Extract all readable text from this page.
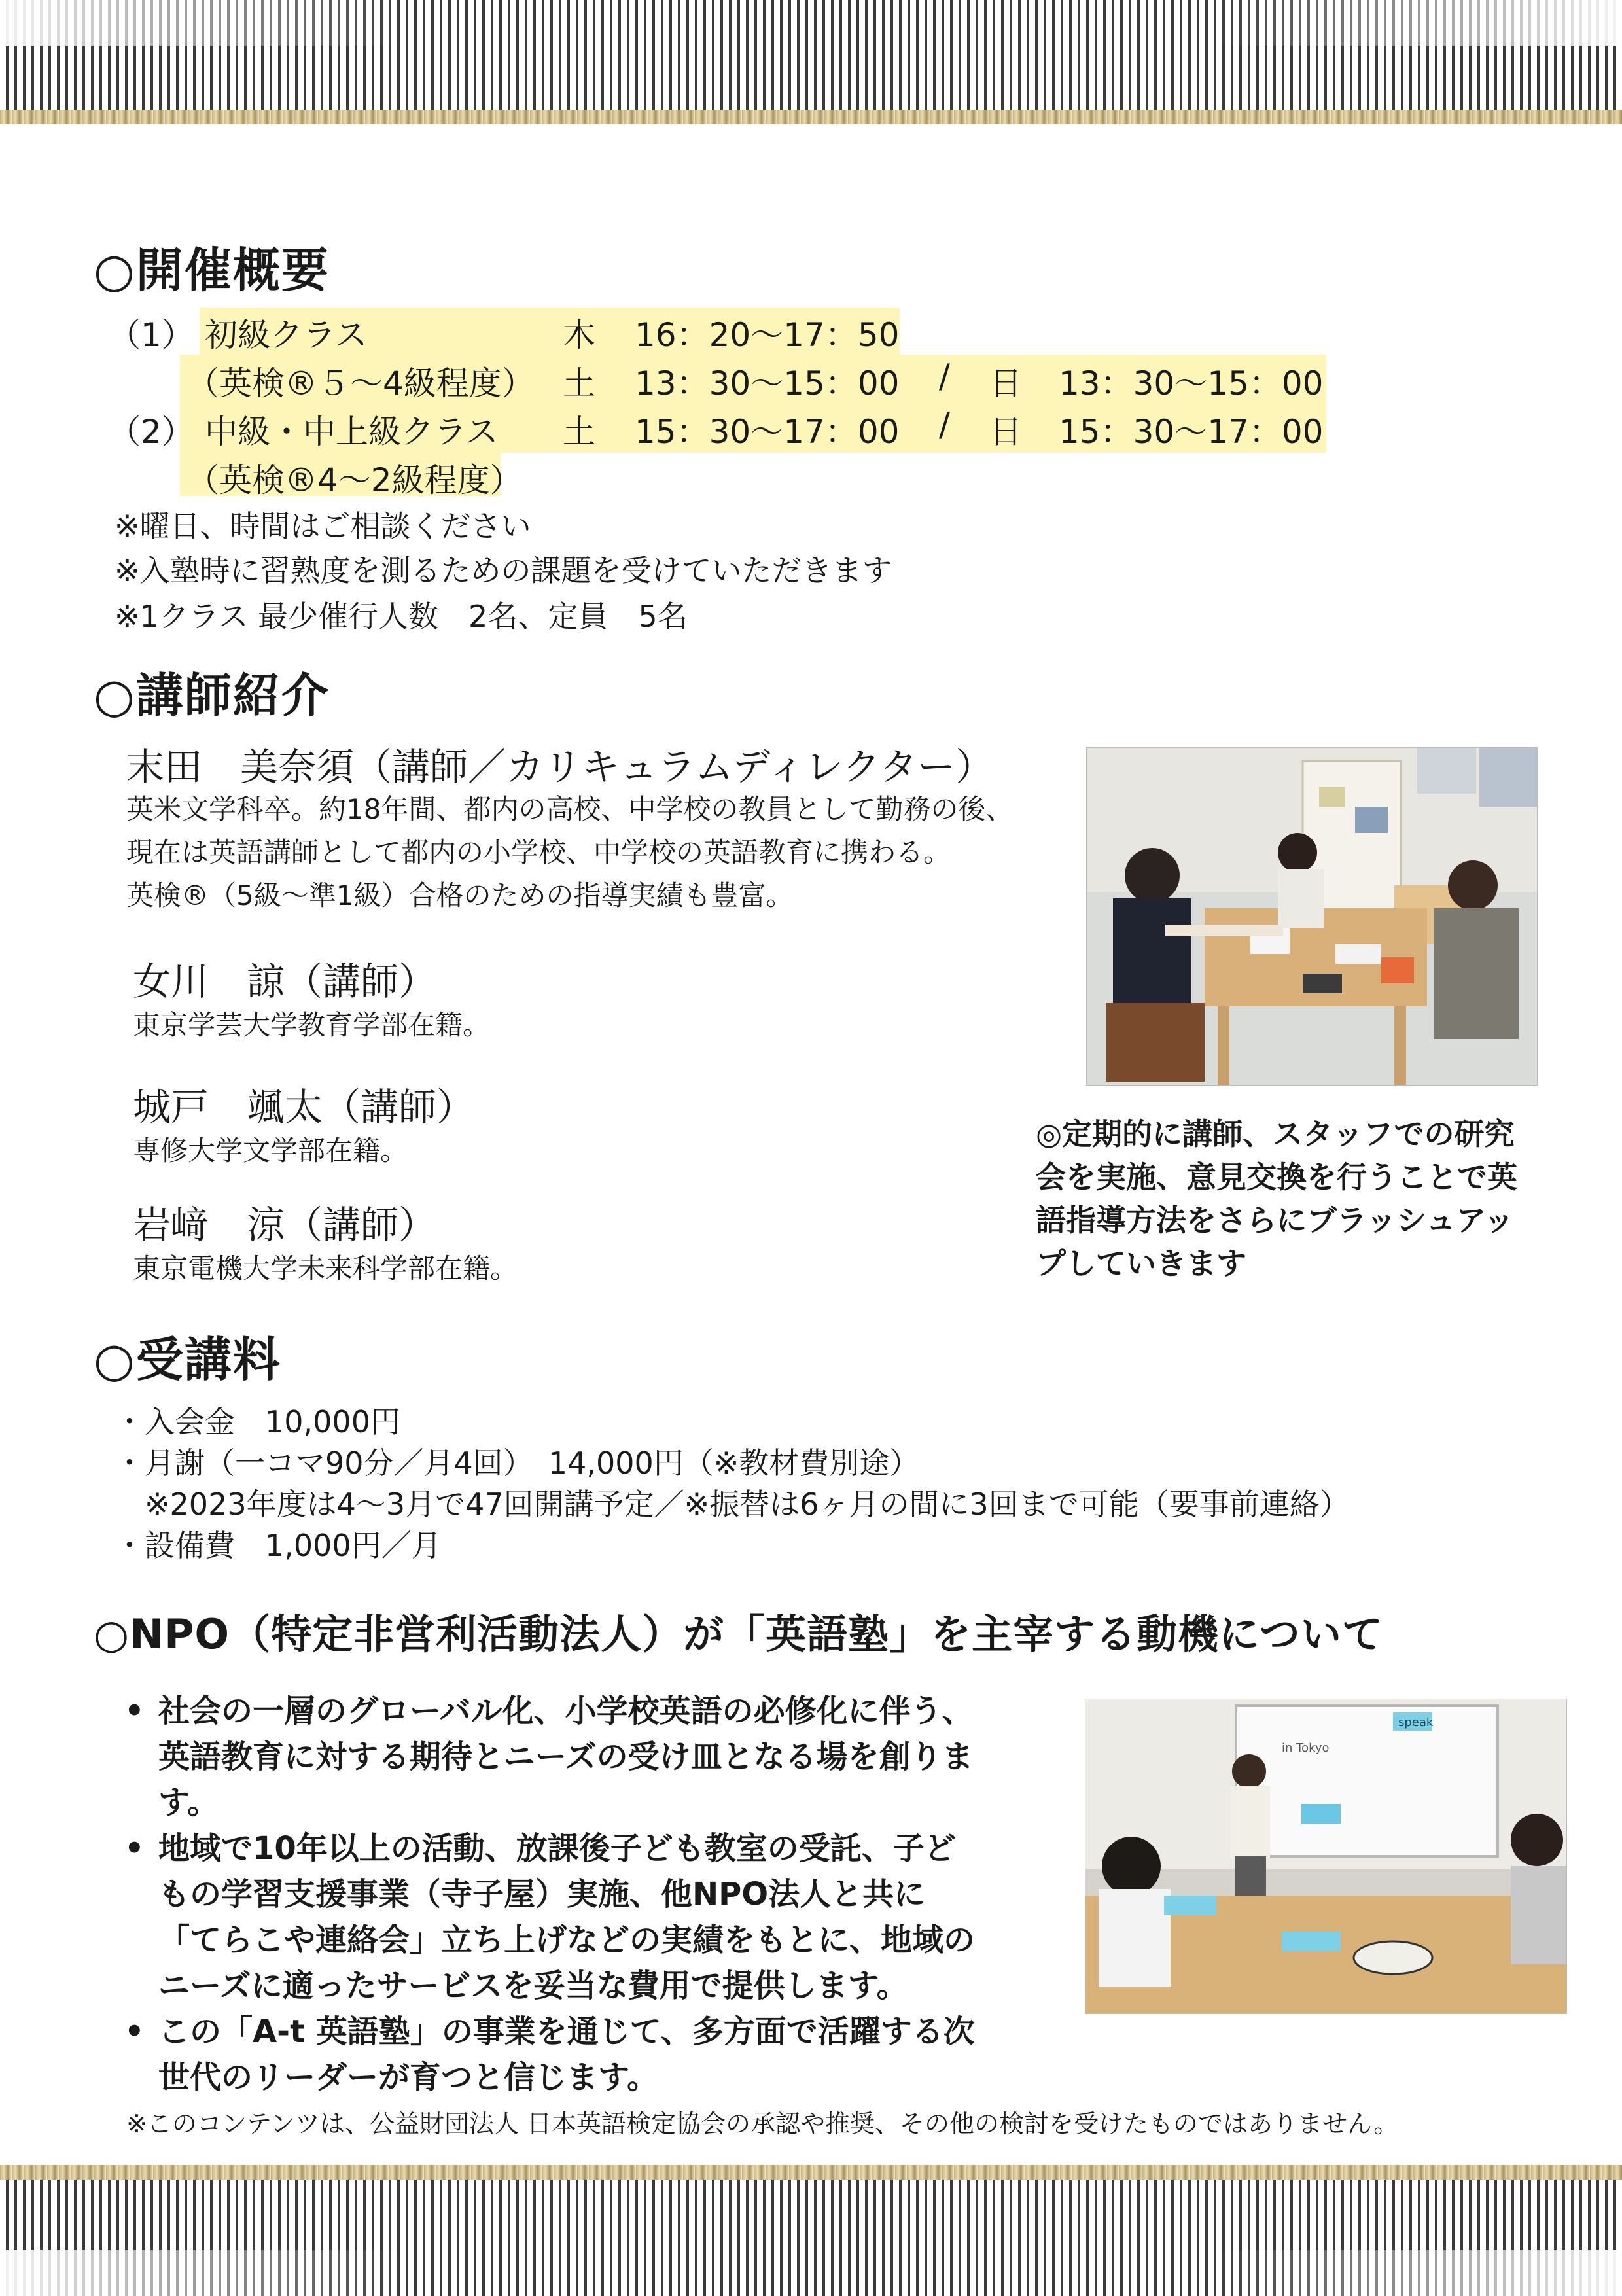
○開催概要
（1） 初級クラス	木 16：20～17：50
（英検®５～4級程度） 土 13：30～15：00 / 日 13：30～15：00
（2） 中級・中上級クラス 土 15：30～17：00 / 日 15：30～17：00
（英検®4～2級程度）
※曜日、時間はご相談ください
※入塾時に習熟度を測るための課題を受けていただきます
※1クラス 最少催行人数　2名、定員　5名
○講師紹介
末田　美奈須（講師／カリキュラムディレクター）
英米文学科卒。約18年間、都内の高校、中学校の教員として勤務の後、
現在は英語講師として都内の小学校、中学校の英語教育に携わる。
英検®（5級～準1級）合格のための指導実績も豊富。
女川　諒（講師）
東京学芸大学教育学部在籍。
城戸　颯太（講師）
専修大学文学部在籍。
岩﨑　涼（講師）
東京電機大学未来科学部在籍。
◎定期的に講師、スタッフでの研究
会を実施、意見交換を行うことで英
語指導方法をさらにブラッシュアッ
プしていきます
○受講料
・入会金　10,000円
・月謝（一コマ90分／月4回）　14,000円（※教材費別途）
　※2023年度は4～3月で47回開講予定／※振替は6ヶ月の間に3回まで可能（要事前連絡）
・設備費　1,000円／月
○NPO（特定非営利活動法人）が「英語塾」を主宰する動機について
• 社会の一層のグローバル化、小学校英語の必修化に伴う、
英語教育に対する期待とニーズの受け皿となる場を創りま
す。
• 地域で10年以上の活動、放課後子ども教室の受託、子ど
もの学習支援事業（寺子屋）実施、他NPO法人と共に
「てらこや連絡会」立ち上げなどの実績をもとに、地域の
ニーズに適ったサービスを妥当な費用で提供します。
• この「A-t 英語塾」の事業を通じて、多方面で活躍する次
世代のリーダーが育つと信じます。
speak
in Tokyo
※このコンテンツは、公益財団法人 日本英語検定協会の承認や推奨、その他の検討を受けたものではありません。
